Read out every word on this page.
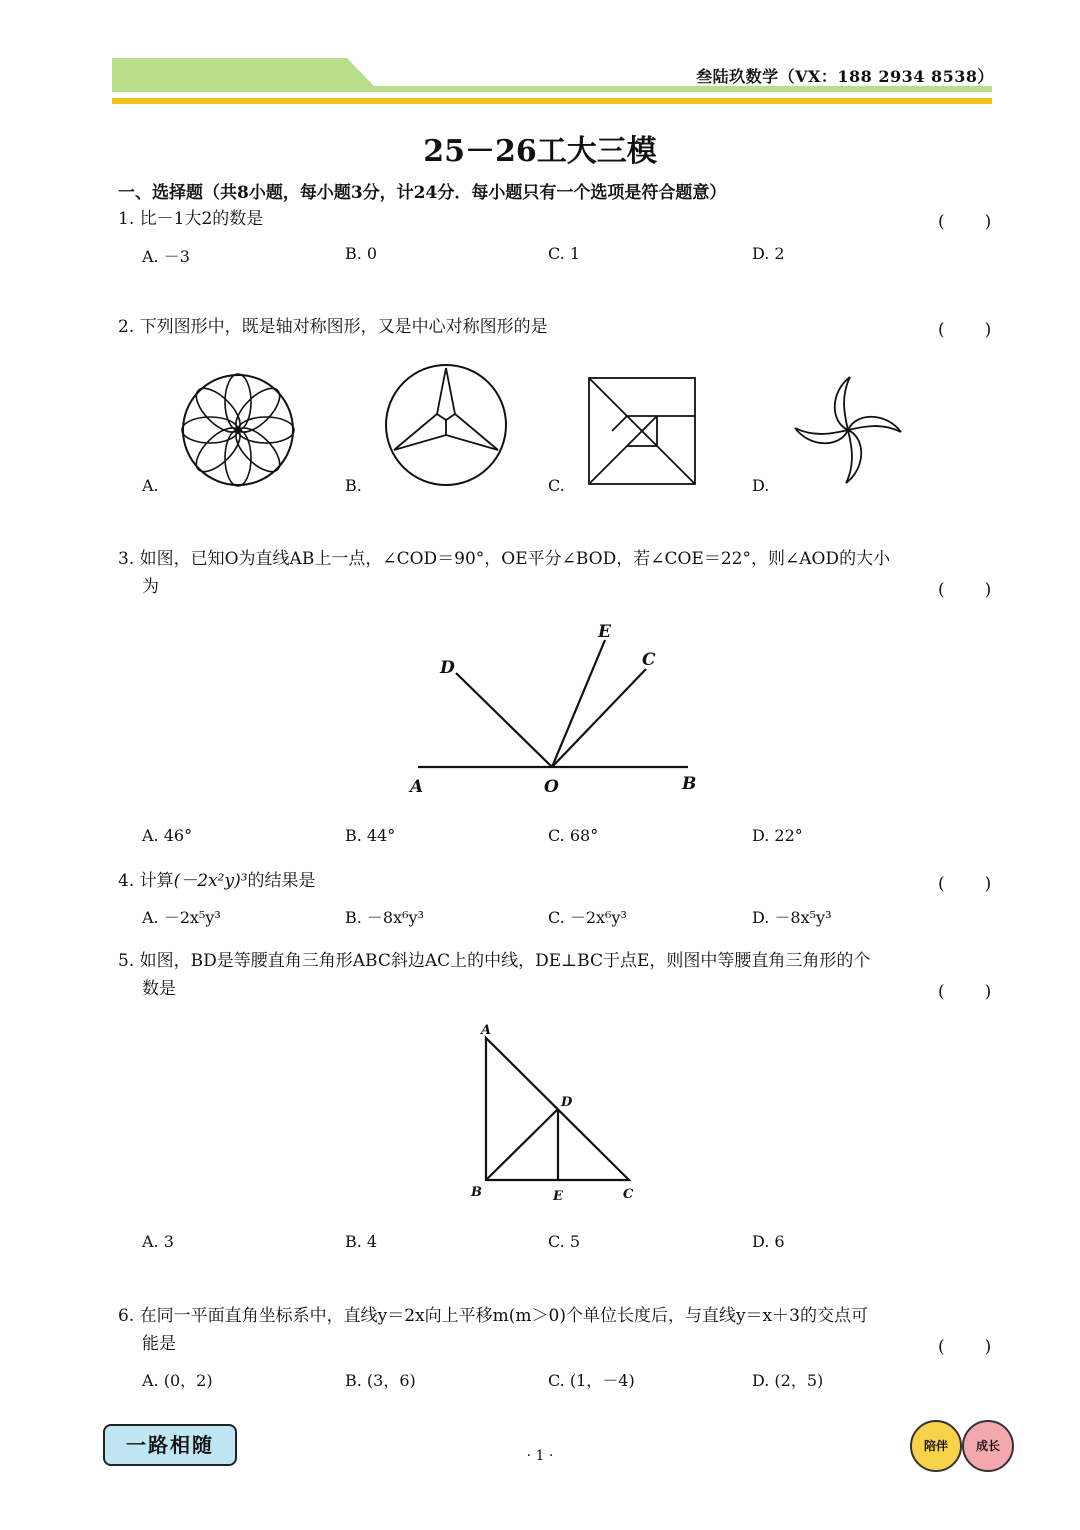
叁陆玖数学（VX：188 2934 8538）
25－26工大三模
一、选择题（共8小题，每小题3分，计24分．每小题只有一个选项是符合题意）
1. 比－1大2的数是	(　　)
A. －3	B. 0	C. 1	D. 2
2. 下列图形中，既是轴对称图形，又是中心对称图形的是	(　　)
A.	B.	C.	D.
3. 如图，已知O为直线AB上一点，∠COD＝90°，OE平分∠BOD，若∠COE＝22°，则∠AOD的大小
为	(　　)
A	O	B
D
E
C
A. 46°	B. 44°	C. 68°	D. 22°
4. 计算(－2x²y)³的结果是	(　　)
A. －2x⁵y³	B. －8x⁶y³	C. －2x⁶y³	D. －8x⁵y³
5. 如图，BD是等腰直角三角形ABC斜边AC上的中线，DE⊥BC于点E，则图中等腰直角三角形的个
数是	(　　)
A
B	C
D
E
A. 3	B. 4	C. 5	D. 6
6. 在同一平面直角坐标系中，直线y＝2x向上平移m(m＞0)个单位长度后，与直线y＝x＋3的交点可
能是	(　　)
A. (0，2)	B. (3，6)	C. (1，－4)	D. (2，5)
一路相随	· 1 ·
陪伴	成长
